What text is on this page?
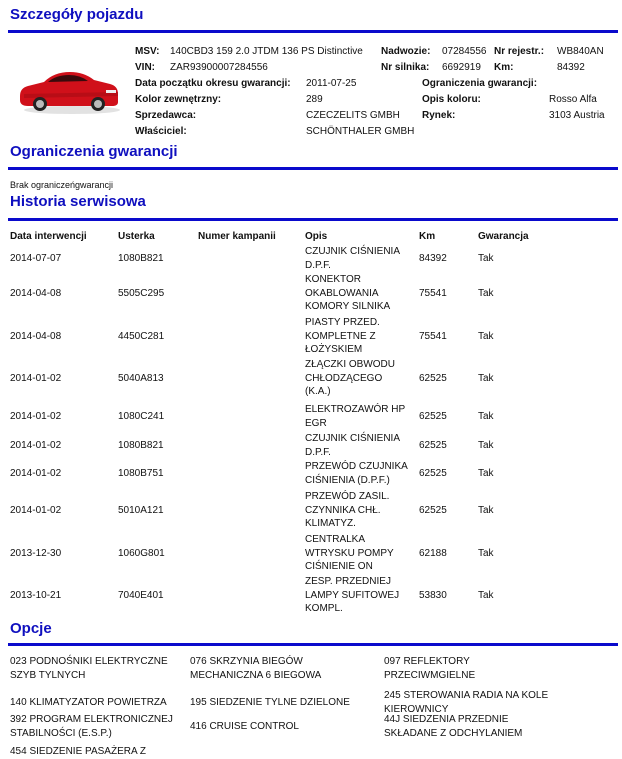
Szczegóły pojazdu
MSV: 140CBD3 159 2.0 JTDM 136 PS Distinctive Nadwozie: 07284556 Nr rejestr.: WB840AN
VIN: ZAR93900007284556	Nr silnika: 6692919 Km:	84392
Data początku okresu gwarancji: 2011-07-25	Ograniczenia gwarancji:
Kolor zewnętrzny:	289	Opis koloru:	Rosso Alfa
Sprzedawca:	CZECZELITS GMBH Rynek:	3103 Austria
Właściciel:	SCHÖNTHALER GMBH
Ograniczenia gwarancji
Brak ograniczeńgwarancji
Historia serwisowa
Data interwencji	Usterka	Numer kampanii	Opis	Km	Gwarancja
2014-07-07	1080B821
CZUJNIK CIŚNIENIA
D.P.F.
84392	Tak
2014-04-08	5505C295
KONEKTOR
OKABLOWANIA
KOMORY SILNIKA
75541	Tak
2014-04-08	4450C281
PIASTY PRZED.
KOMPLETNE Z
ŁOŻYSKIEM
75541	Tak
2014-01-02	5040A813
ZŁĄCZKI OBWODU
CHŁODZĄCEGO
(K.A.)
62525	Tak
2014-01-02	1080C241
ELEKTROZAWÓR HP
EGR
62525	Tak
2014-01-02	1080B821
CZUJNIK CIŚNIENIA
D.P.F.
62525	Tak
2014-01-02	1080B751
PRZEWÓD CZUJNIKA
CIŚNIENIA (D.P.F.)
62525	Tak
2014-01-02	5010A121
PRZEWÓD ZASIL.
CZYNNIKA CHŁ.
KLIMATYZ.
62525	Tak
2013-12-30	1060G801
CENTRALKA
WTRYSKU POMPY
CIŚNIENIE ON
62188	Tak
2013-10-21	7040E401
ZESP. PRZEDNIEJ
LAMPY SUFITOWEJ
KOMPL.
53830	Tak
Opcje
023 PODNOŚNIKI ELEKTRYCZNE
SZYB TYLNYCH
076 SKRZYNIA BIEGÓW
MECHANICZNA 6 BIEGOWA
097 REFLEKTORY
PRZECIWMGIELNE
140 KLIMATYZATOR POWIETRZA 195 SIEDZENIE TYLNE DZIELONE
245 STEROWANIA RADIA NA KOLE
KIEROWNICY
392 PROGRAM ELEKTRONICZNEJ
STABILNOŚCI (E.S.P.)
416 CRUISE CONTROL
44J SIEDZENIA PRZEDNIE
SKŁADANE Z ODCHYLANIEM
454 SIEDZENIE PASAŻERA Z
